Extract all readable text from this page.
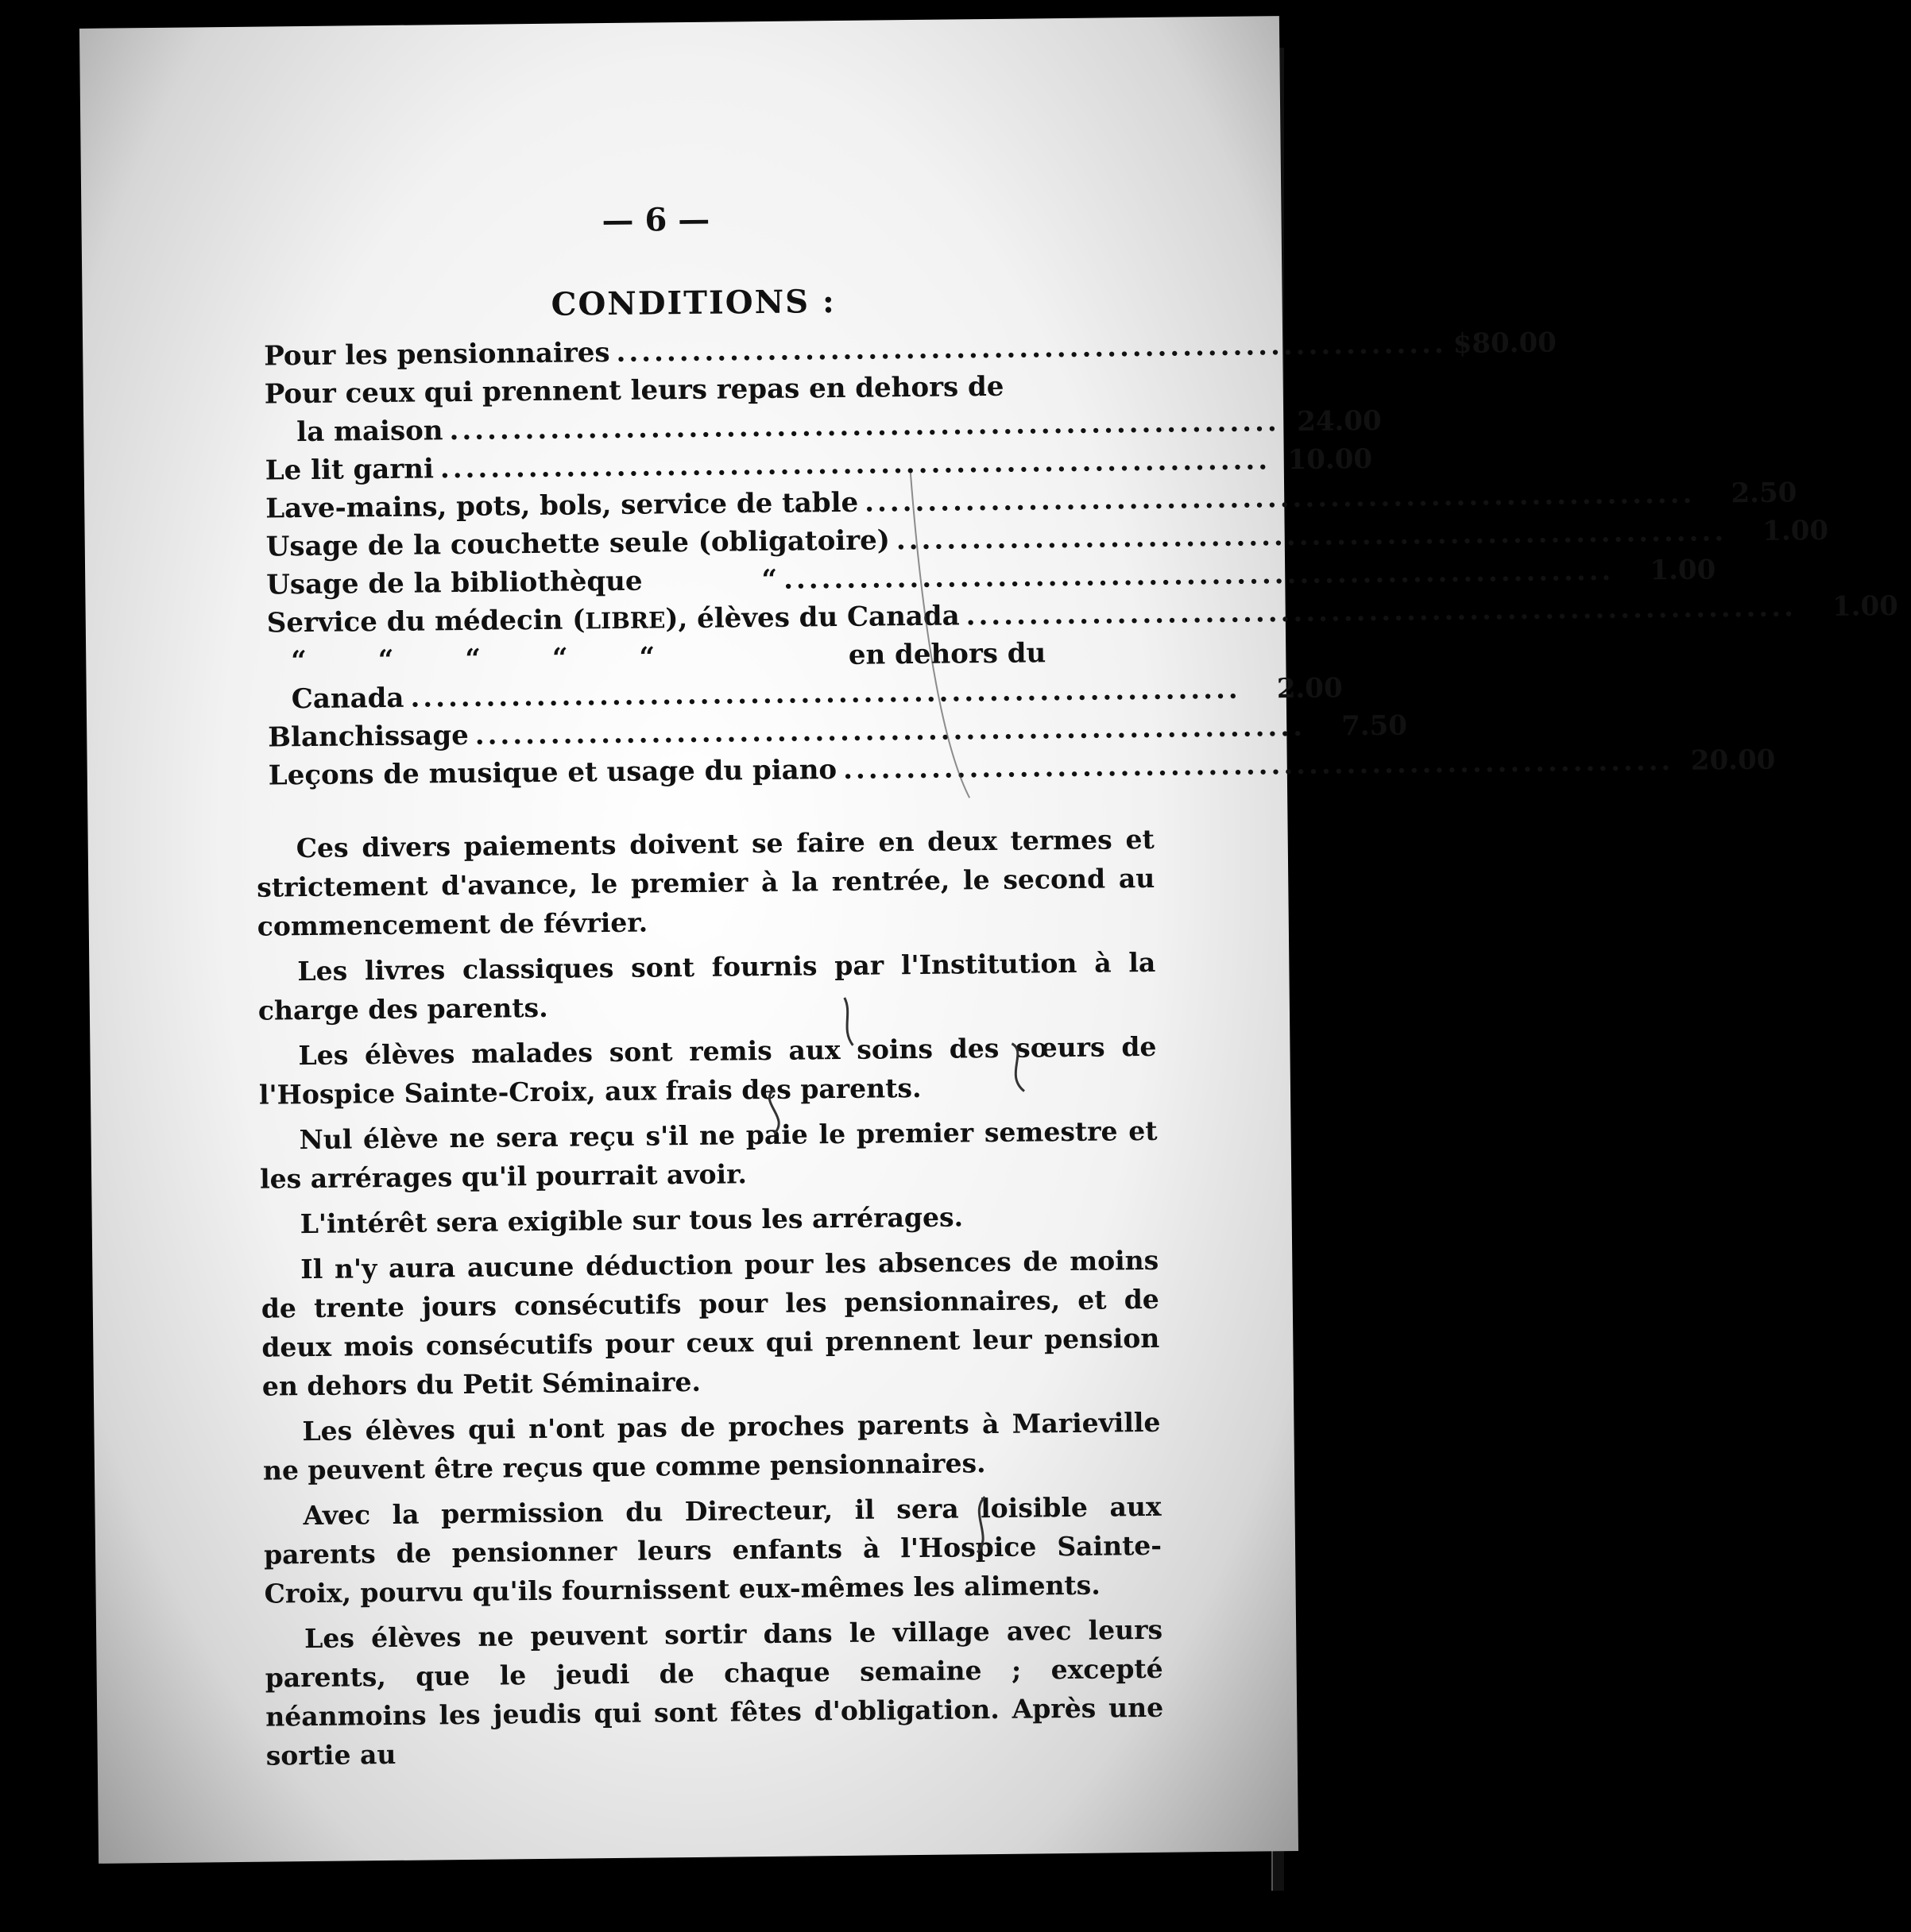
— 6 —
CONDITIONS :
Pour les pensionnaires .................................................................. $80.00
Pour ceux qui prennent leurs repas en dehors de
la maison .................................................................. 24.00
Le lit garni .................................................................. 10.00
Lave-mains, pots, bols, service de table ..................................................................	2.50
Usage de la couchette seule (obligatoire) ..................................................................	1.00
Usage de la bibliothèque	“ ..................................................................	1.00
Service du médecin (LIBRE), élèves du Canada ..................................................................	1.00
“	“	“	“	“	en dehors du
Canada ..................................................................	2.00
Blanchissage ..................................................................	7.50
Leçons de musique et usage du piano .................................................................. 20.00

Ces divers paiements doivent se faire en deux termes et strictement d'avance, le premier à la rentrée, le second au commencement de février.

Les livres classiques sont fournis par l'Institution à la charge des parents.

Les élèves malades sont remis aux soins des sœurs de l'Hospice Sainte-Croix, aux frais des parents.

Nul élève ne sera reçu s'il ne paie le premier semestre et les arrérages qu'il pourrait avoir.

L'intérêt sera exigible sur tous les arrérages.

Il n'y aura aucune déduction pour les absences de moins de trente jours consécutifs pour les pensionnaires, et de deux mois consécutifs pour ceux qui prennent leur pension en dehors du Petit Séminaire.

Les élèves qui n'ont pas de proches parents à Marieville ne peuvent être reçus que comme pensionnaires.

Avec la permission du Directeur, il sera loisible aux parents de pensionner leurs enfants à l'Hospice Sainte-Croix, pourvu qu'ils fournissent eux-mêmes les aliments.

Les élèves ne peuvent sortir dans le village avec leurs parents, que le jeudi de chaque semaine ; excepté néanmoins les jeudis qui sont fêtes d'obligation. Après une sortie au
